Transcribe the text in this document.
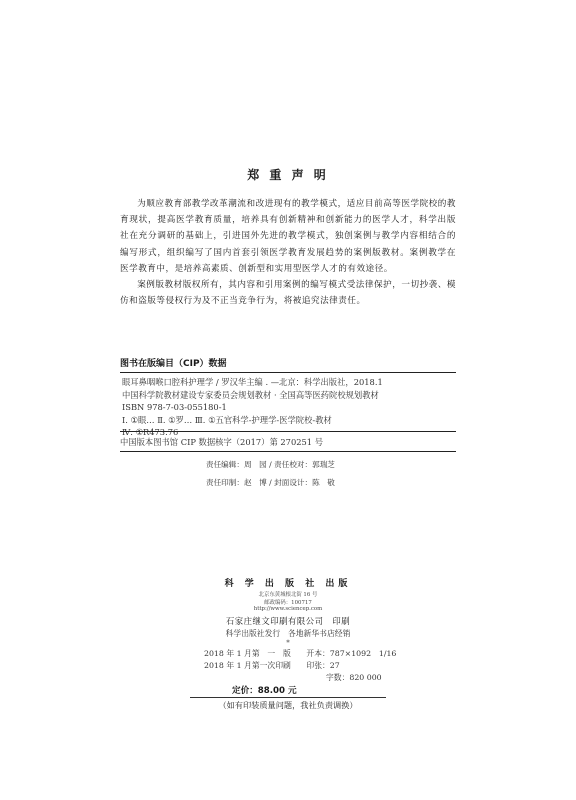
郑 重 声 明

为顺应教育部教学改革潮流和改进现有的教学模式，适应目前高等医学院校的教育现状，提高医学教育质量，培养具有创新精神和创新能力的医学人才，科学出版社在充分调研的基础上，引进国外先进的教学模式，独创案例与教学内容相结合的编写形式，组织编写了国内首套引领医学教育发展趋势的案例版教材。案例教学在医学教育中，是培养高素质、创新型和实用型医学人才的有效途径。

案例版教材版权所有，其内容和引用案例的编写模式受法律保护，一切抄袭、模仿和盗版等侵权行为及不正当竞争行为，将被追究法律责任。

图书在版编目（CIP）数据
眼耳鼻咽喉口腔科护理学 / 罗汉华主编 . —北京：科学出版社，2018.1
中国科学院教材建设专家委员会规划教材 · 全国高等医药院校规划教材
ISBN 978-7-03-055180-1
Ⅰ. ①眼… Ⅱ. ①罗… Ⅲ. ①五官科学-护理学-医学院校-教材
Ⅳ. ①R473.76
中国版本图书馆 CIP 数据核字（2017）第 270251 号
责任编辑：周　园 / 责任校对：郭瑞芝
责任印制：赵　博 / 封面设计：陈　敬
科 学 出 版 社 出版
北京东黄城根北街 16 号
邮政编码：100717
http://www.sciencep.com
石家庄继文印刷有限公司　印刷
科学出版社发行　各地新华书店经销
*
2018 年 1 月第　一　版　　开本：787×1092　1/16
2018 年 1 月第一次印刷　　印张：27
字数：820 000
定价：88.00 元
（如有印装质量问题，我社负责调换）
